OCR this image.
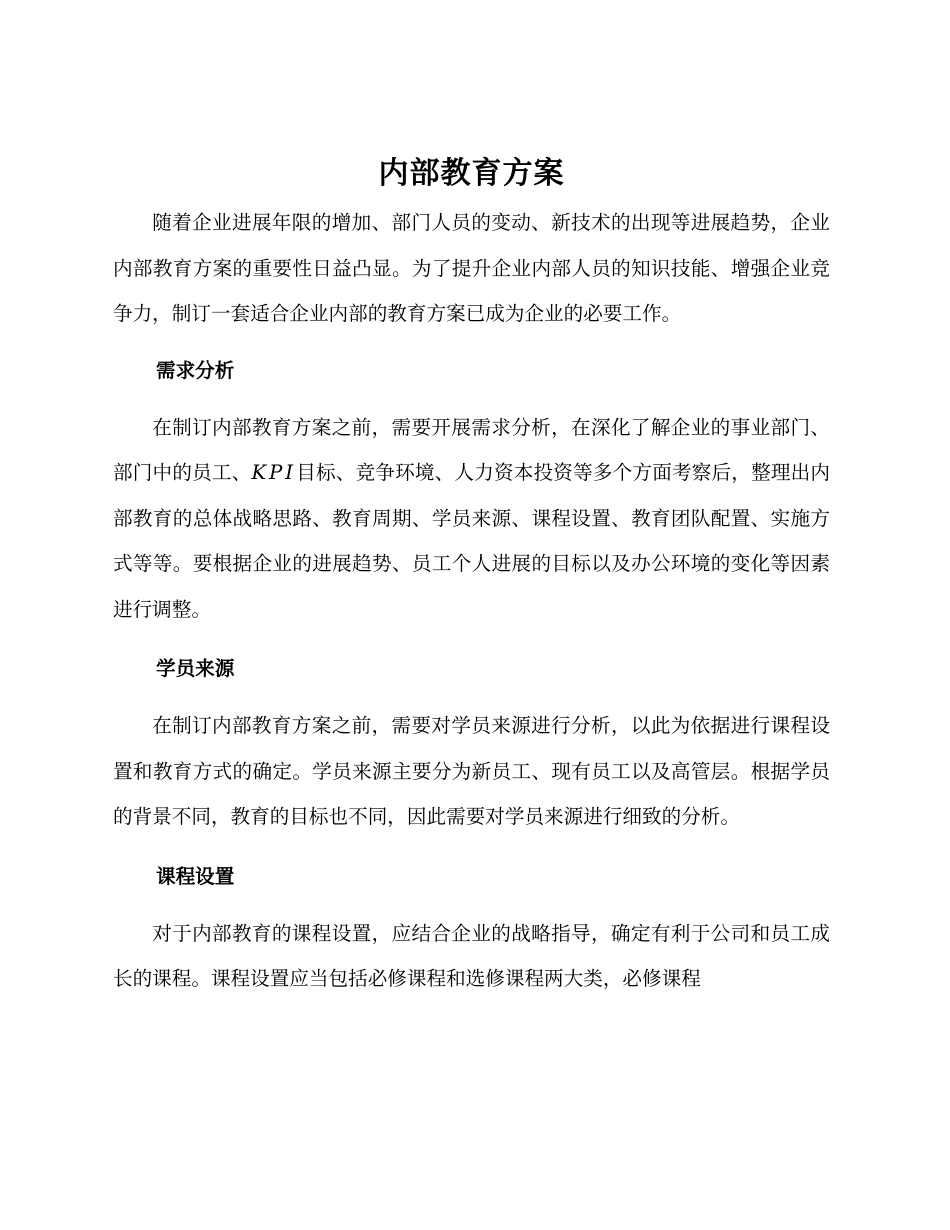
内部教育方案

随着企业进展年限的增加、部门人员的变动、新技术的出现等进展趋势，企业内部教育方案的重要性日益凸显。为了提升企业内部人员的知识技能、增强企业竞争力，制订一套适合企业内部的教育方案已成为企业的必要工作。

需求分析

在制订内部教育方案之前，需要开展需求分析，在深化了解企业的事业部门、部门中的员工、KPI目标、竞争环境、人力资本投资等多个方面考察后，整理出内部教育的总体战略思路、教育周期、学员来源、课程设置、教育团队配置、实施方式等等。要根据企业的进展趋势、员工个人进展的目标以及办公环境的变化等因素进行调整。

学员来源

在制订内部教育方案之前，需要对学员来源进行分析，以此为依据进行课程设置和教育方式的确定。学员来源主要分为新员工、现有员工以及高管层。根据学员的背景不同，教育的目标也不同，因此需要对学员来源进行细致的分析。

课程设置

对于内部教育的课程设置，应结合企业的战略指导，确定有利于公司和员工成长的课程。课程设置应当包括必修课程和选修课程两大类，必修课程
